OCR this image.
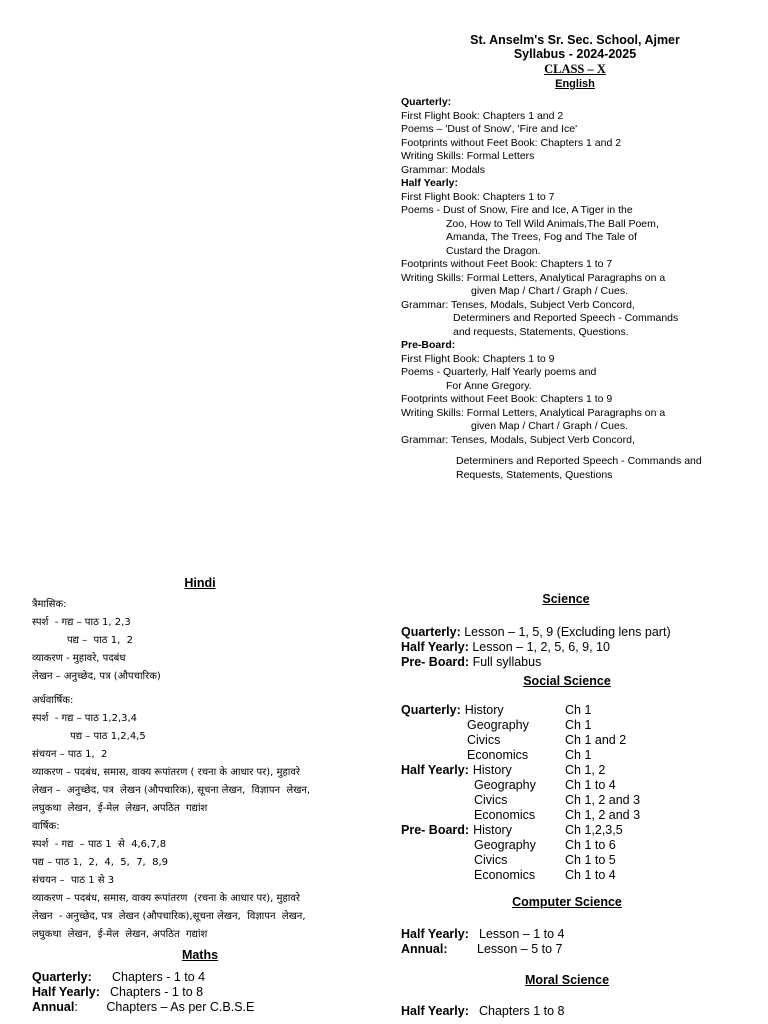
St. Anselm's Sr. Sec. School, Ajmer
Syllabus - 2024-2025
CLASS – X
English
Quarterly:
First Flight Book: Chapters 1 and 2
Poems – 'Dust of Snow', 'Fire and Ice'
Footprints without Feet Book: Chapters 1 and 2
Writing Skills: Formal Letters
Grammar: Modals
Half Yearly:
First Flight Book: Chapters 1 to 7
Poems - Dust of Snow, Fire and Ice, A Tiger in the
Zoo, How to Tell Wild Animals,The Ball Poem,
Amanda, The Trees, Fog and The Tale of
Custard the Dragon.
Footprints without Feet Book: Chapters 1 to 7
Writing Skills: Formal Letters, Analytical Paragraphs on a
given Map / Chart / Graph / Cues.
Grammar: Tenses, Modals, Subject Verb Concord,
Determiners and Reported Speech - Commands
and requests, Statements, Questions.
Pre-Board:
First Flight Book: Chapters 1 to 9
Poems - Quarterly, Half Yearly poems and
For Anne Gregory.
Footprints without Feet Book: Chapters 1 to 9
Writing Skills: Formal Letters, Analytical Paragraphs on a
given Map / Chart / Graph / Cues.
Grammar: Tenses, Modals, Subject Verb Concord,

Determiners and Reported Speech - Commands and
Requests, Statements, Questions
Hindi
त्रैमासिक:
स्पर्श  - गद्य – पाठ 1, 2,3
पद्य –  पाठ 1,  2
व्याकरण - मुहावरे, पदबंध
लेखन – अनुच्छेद, पत्र (औपचारिक)
अर्धवार्षिक:
स्पर्श  - गद्य – पाठ 1,2,3,4
पद्य – पाठ 1,2,4,5
संचयन – पाठ 1,  2
व्याकरण – पदबंध, समास, वाक्य रूपांतरण ( रचना के आधार पर), मुहावरे
लेखन –  अनुच्छेद, पत्र  लेखन (औपचारिक), सूचना लेखन,  विज्ञापन  लेखन,
लघुकथा  लेखन,  ई-मेल  लेखन, अपठित  गद्यांश
वार्षिक:
स्पर्श  - गद्य  – पाठ 1  से  4,6,7,8
पद्य – पाठ 1,  2,  4,  5,  7,  8,9
संचयन –  पाठ 1 से 3
व्याकरण – पदबंध, समास, वाक्य रूपांतरण  (रचना के आधार पर), मुहावरे
लेखन  - अनुच्छेद, पत्र  लेखन (औपचारिक),सूचना लेखन,  विज्ञापन  लेखन,
लघुकथा  लेखन,  ई-मेल  लेखन, अपठित  गद्यांश
Maths
Quarterly: Chapters - 1 to 4
Half Yearly: Chapters - 1 to 8
Annual: Chapters – As per C.B.S.E
Science
Quarterly: Lesson – 1, 5, 9 (Excluding lens part)
Half Yearly: Lesson – 1, 2, 5, 6, 9, 10
Pre- Board: Full syllabus
Social Science
Quarterly: History	Ch 1
Geography	Ch 1
Civics	Ch 1 and 2
Economics	Ch 1
Half Yearly: History	Ch 1, 2
Geography	Ch 1 to 4
Civics	Ch 1, 2 and 3
Economics	Ch 1, 2 and 3
Pre- Board: History	Ch 1,2,3,5
Geography	Ch 1 to 6
Civics	Ch 1 to 5
Economics	Ch 1 to 4
Computer Science
Half Yearly: Lesson – 1 to 4
Annual: Lesson – 5 to 7
Moral Science
Half Yearly: Chapters 1 to 8
